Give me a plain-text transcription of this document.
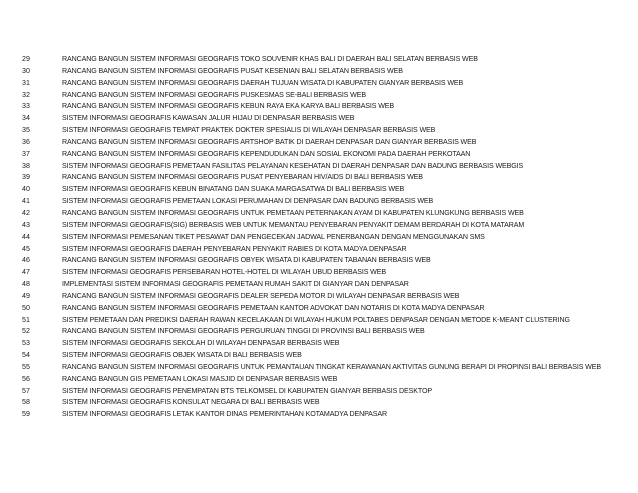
29	RANCANG BANGUN SISTEM INFORMASI GEOGRAFIS TOKO SOUVENIR KHAS BALI DI DAERAH BALI SELATAN BERBASIS WEB
30	RANCANG BANGUN SISTEM INFORMASI GEOGRAFIS PUSAT KESENIAN BALI SELATAN BERBASIS WEB
31	RANCANG BANGUN SISTEM INFORMASI GEOGRAFIS DAERAH TUJUAN WISATA DI KABUPATEN GIANYAR BERBASIS WEB
32	RANCANG BANGUN SISTEM INFORMASI GEOGRAFIS PUSKESMAS SE-BALI BERBASIS WEB
33	RANCANG BANGUN SISTEM INFORMASI GEOGRAFIS KEBUN RAYA EKA KARYA BALI BERBASIS WEB
34	SISTEM INFORMASI GEOGRAFIS KAWASAN JALUR HIJAU DI DENPASAR BERBASIS WEB
35	SISTEM INFORMASI GEOGRAFIS TEMPAT PRAKTEK DOKTER SPESIALIS DI WILAYAH DENPASAR BERBASIS WEB
36	RANCANG BANGUN SISTEM INFORMASI GEOGRAFIS ARTSHOP BATIK DI DAERAH DENPASAR DAN GIANYAR BERBASIS WEB
37	RANCANG BANGUN SISTEM INFORMASI GEOGRAFIS KEPENDUDUKAN DAN SOSIAL EKONOMI PADA DAERAH PERKOTAAN
38	SISTEM INFORMASI GEOGRAFIS PEMETAAN FASILITAS PELAYANAN KESEHATAN DI DAERAH DENPASAR DAN BADUNG BERBASIS WEBGIS
39	RANCANG BANGUN SISTEM INFORMASI GEOGRAFIS PUSAT PENYEBARAN HIV/AIDS DI BALI BERBASIS WEB
40	SISTEM INFORMASI GEOGRAFIS KEBUN BINATANG DAN SUAKA MARGASATWA DI BALI BERBASIS WEB
41	SISTEM INFORMASI GEOGRAFIS PEMETAAN LOKASI PERUMAHAN DI DENPASAR DAN BADUNG BERBASIS WEB
42	RANCANG BANGUN SISTEM INFORMASI GEOGRAFIS UNTUK PEMETAAN PETERNAKAN AYAM DI KABUPATEN KLUNGKUNG BERBASIS WEB
43	SISTEM INFORMASI GEOGRAFIS(SIG) BERBASIS WEB UNTUK MEMANTAU PENYEBARAN PENYAKIT DEMAM BERDARAH DI KOTA MATARAM
44	SISTEM INFORMASI PEMESANAN TIKET PESAWAT DAN PENGECEKAN JADWAL PENERBANGAN DENGAN MENGGUNAKAN SMS
45	SISTEM INFORMASI GEOGRAFIS DAERAH PENYEBARAN PENYAKIT RABIES DI KOTA MADYA DENPASAR
46	RANCANG BANGUN SISTEM INFORMASI GEOGRAFIS OBYEK WISATA DI KABUPATEN TABANAN BERBASIS WEB
47	SISTEM INFORMASI GEOGRAFIS PERSEBARAN HOTEL-HOTEL DI WILAYAH UBUD BERBASIS WEB
48	IMPLEMENTASI SISTEM INFORMASI GEOGRAFIS PEMETAAN RUMAH SAKIT DI GIANYAR DAN DENPASAR
49	RANCANG BANGUN SISTEM INFORMASI GEOGRAFIS DEALER SEPEDA MOTOR DI WILAYAH DENPASAR BERBASIS WEB
50	RANCANG BANGUN SISTEM INFORMASI GEOGRAFIS PEMETAAN KANTOR ADVOKAT DAN NOTARIS DI KOTA MADYA DENPASAR
51	SISTEM PEMETAAN DAN PREDIKSI DAERAH RAWAN KECELAKAAN DI WILAYAH HUKUM POLTABES DENPASAR DENGAN METODE K-MEANT CLUSTERING
52	RANCANG BANGUN SISTEM INFORMASI GEOGRAFIS PERGURUAN TINGGI DI PROVINSI BALI BERBASIS WEB
53	SISTEM INFORMASI GEOGRAFIS SEKOLAH DI WILAYAH DENPASAR BERBASIS WEB
54	SISTEM INFORMASI GEOGRAFIS OBJEK WISATA DI BALI BERBASIS WEB
55	RANCANG BANGUN SISTEM INFORMASI GEOGRAFIS UNTUK PEMANTAUAN TINGKAT KERAWANAN AKTIVITAS GUNUNG BERAPI DI PROPINSI BALI BERBASIS WEB
56	RANCANG BANGUN GIS PEMETAAN LOKASI MASJID DI DENPASAR BERBASIS WEB
57	SISTEM INFORMASI GEOGRAFIS PENEMPATAN BTS TELKOMSEL DI KABUPATEN GIANYAR BERBASIS DESKTOP
58	SISTEM INFORMASI GEOGRAFIS KONSULAT NEGARA DI BALI BERBASIS WEB
59	SISTEM INFORMASI GEOGRAFIS LETAK KANTOR DINAS PEMERINTAHAN KOTAMADYA DENPASAR
